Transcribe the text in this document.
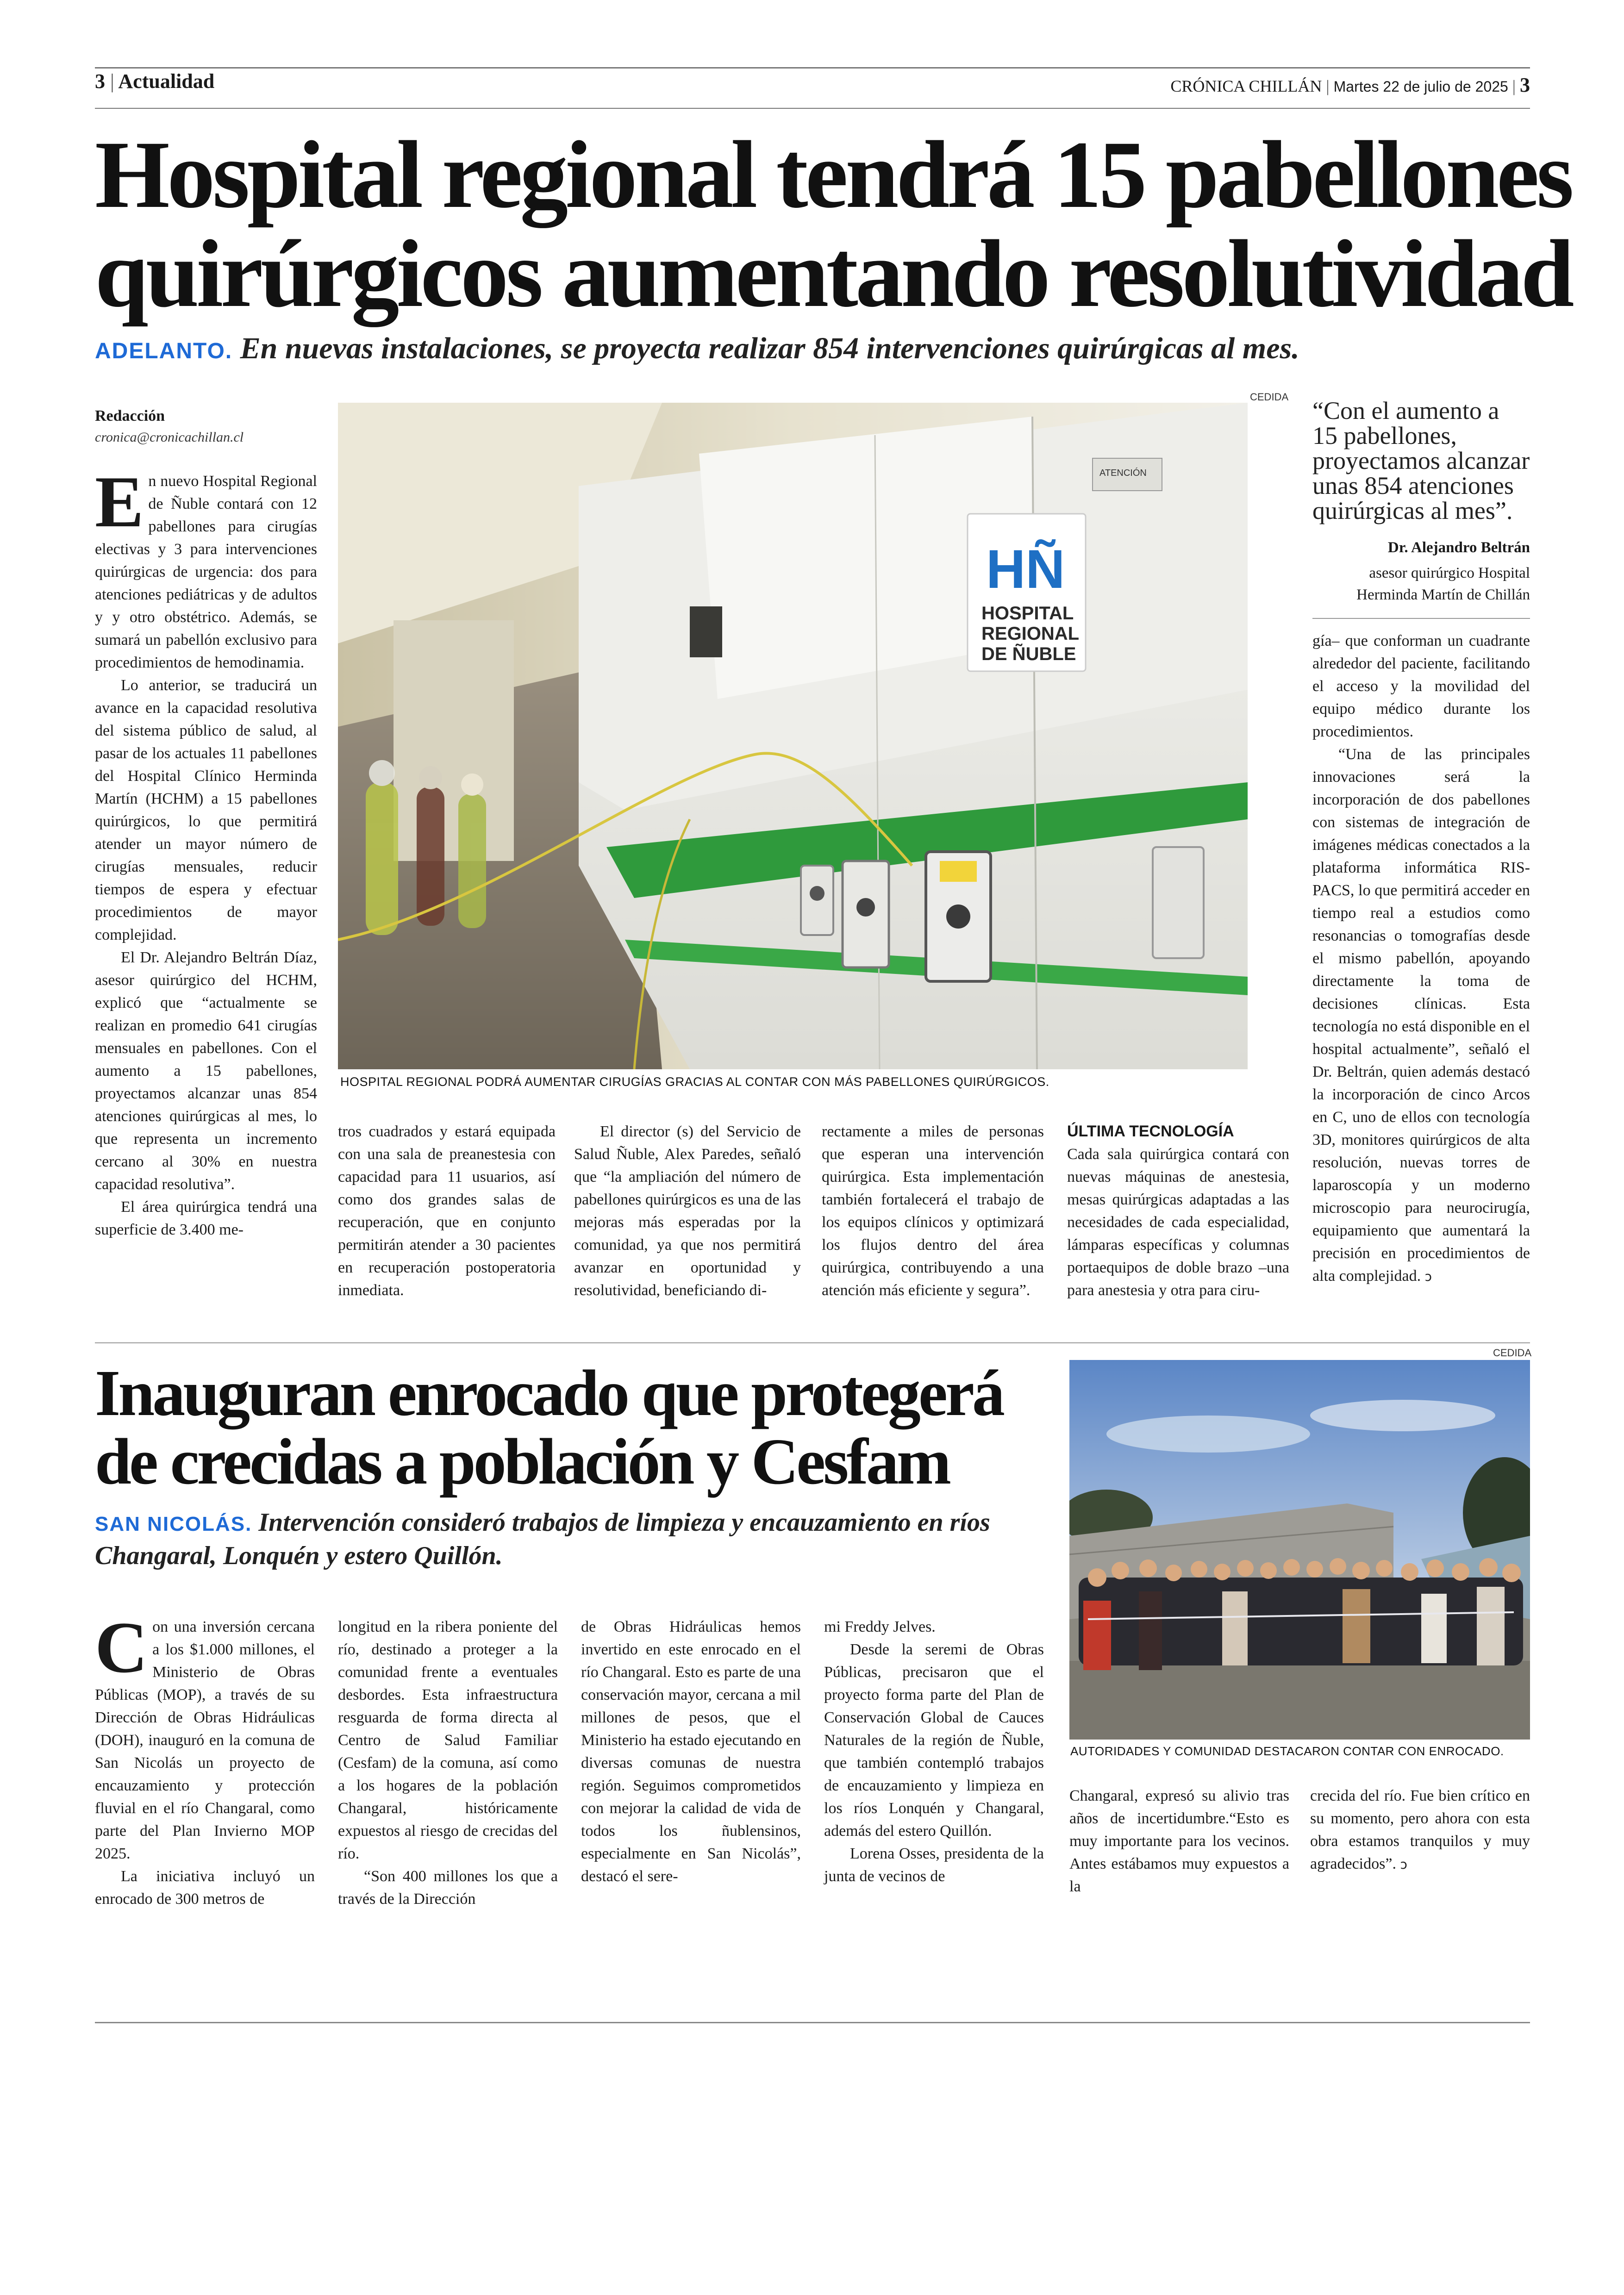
3 | Actualidad	CRÓNICA CHILLÁN | Martes 22 de julio de 2025 | 3
Hospital regional tendrá 15 pabellones
quirúrgicos aumentando resolutividad
ADELANTO. En nuevas instalaciones, se proyecta realizar 854 intervenciones quirúrgicas al mes.
Redacción
cronica@cronicachillan.cl
CEDIDA
HÑ
HOSPITAL
REGIONAL
DE ÑUBLE
ATENCIÓN
HOSPITAL REGIONAL PODRÁ AUMENTAR CIRUGÍAS GRACIAS AL CONTAR CON MÁS PABELLONES QUIRÚRGICOS.

En nuevo Hospital Regional de Ñuble contará con 12 pabellones para cirugías electivas y 3 para intervenciones quirúrgicas de urgencia: dos para atenciones pediátricas y de adultos y y otro obstétrico. Además, se sumará un pabellón exclusivo para procedimientos de hemodinamia.

Lo anterior, se traducirá un avance en la capacidad resolutiva del sistema público de salud, al pasar de los actuales 11 pabellones del Hospital Clínico Herminda Martín (HCHM) a 15 pabellones quirúrgicos, lo que permitirá atender un mayor número de cirugías mensuales, reducir tiempos de espera y efectuar procedimientos de mayor complejidad.

El Dr. Alejandro Beltrán Díaz, asesor quirúrgico del HCHM, explicó que “actualmente se realizan en promedio 641 cirugías mensuales en pabellones. Con el aumento a 15 pabellones, proyectamos alcanzar unas 854 atenciones quirúrgicas al mes, lo que representa un incremento cercano al 30% en nuestra capacidad resolutiva”.

El área quirúrgica tendrá una superficie de 3.400 me-

tros cuadrados y estará equipada con una sala de preanestesia con capacidad para 11 usuarios, así como dos grandes salas de recuperación, que en conjunto permitirán atender a 30 pacientes en recuperación postoperatoria inmediata.

El director (s) del Servicio de Salud Ñuble, Alex Paredes, señaló que “la ampliación del número de pabellones quirúrgicos es una de las mejoras más esperadas por la comunidad, ya que nos permitirá avanzar en oportunidad y resolutividad, beneficiando di-

rectamente a miles de personas que esperan una intervención quirúrgica. Esta implementación también fortalecerá el trabajo de los equipos clínicos y optimizará los flujos dentro del área quirúrgica, contribuyendo a una atención más eficiente y segura”.

ÚLTIMA TECNOLOGÍA

Cada sala quirúrgica contará con nuevas máquinas de anestesia, mesas quirúrgicas adaptadas a las necesidades de cada especialidad, lámparas específicas y columnas portaequipos de doble brazo –una para anestesia y otra para ciru-

“Con el aumento a 15 pabellones, proyectamos alcanzar unas 854 atenciones quirúrgicas al mes”.
Dr. Alejandro Beltrán
asesor quirúrgico Hospital
Herminda Martín de Chillán

gía– que conforman un cuadrante alrededor del paciente, facilitando el acceso y la movilidad del equipo médico durante los procedimientos.

“Una de las principales innovaciones será la incorporación de dos pabellones con sistemas de integración de imágenes médicas conectados a la plataforma informática RIS-PACS, lo que permitirá acceder en tiempo real a estudios como resonancias o tomografías desde el mismo pabellón, apoyando directamente la toma de decisiones clínicas. Esta tecnología no está disponible en el hospital actualmente”, señaló el Dr. Beltrán, quien además destacó la incorporación de cinco Arcos en C, uno de ellos con tecnología 3D, monitores quirúrgicos de alta resolución, nuevas torres de laparoscopía y un moderno microscopio para neurocirugía, equipamiento que aumentará la precisión en procedimientos de alta complejidad. ↄ

Inauguran enrocado que protegerá
de crecidas a población y Cesfam
SAN NICOLÁS. Intervención consideró trabajos de limpieza y encauzamiento en ríos Changaral, Lonquén y estero Quillón.
CEDIDA
AUTORIDADES Y COMUNIDAD DESTACARON CONTAR CON ENROCADO.

Con una inversión cercana a los $1.000 millones, el Ministerio de Obras Públicas (MOP), a través de su Dirección de Obras Hidráulicas (DOH), inauguró en la comuna de San Nicolás un proyecto de encauzamiento y protección fluvial en el río Changaral, como parte del Plan Invierno MOP 2025.

La iniciativa incluyó un enrocado de 300 metros de

longitud en la ribera poniente del río, destinado a proteger a la comunidad frente a eventuales desbordes. Esta infraestructura resguarda de forma directa al Centro de Salud Familiar (Cesfam) de la comuna, así como a los hogares de la población Changaral, históricamente expuestos al riesgo de crecidas del río.

“Son 400 millones los que a través de la Dirección

de Obras Hidráulicas hemos invertido en este enrocado en el río Changaral. Esto es parte de una conservación mayor, cercana a mil millones de pesos, que el Ministerio ha estado ejecutando en diversas comunas de nuestra región. Seguimos comprometidos con mejorar la calidad de vida de todos los ñublensinos, especialmente en San Nicolás”, destacó el sere-

mi Freddy Jelves.

Desde la seremi de Obras Públicas, precisaron que el proyecto forma parte del Plan de Conservación Global de Cauces Naturales de la región de Ñuble, que también contempló trabajos de encauzamiento y limpieza en los ríos Lonquén y Changaral, además del estero Quillón.

Lorena Osses, presidenta de la junta de vecinos de

Changaral, expresó su alivio tras años de incertidumbre.“Esto es muy importante para los vecinos. Antes estábamos muy expuestos a la

crecida del río. Fue bien crítico en su momento, pero ahora con esta obra estamos tranquilos y muy agradecidos”. ↄ
